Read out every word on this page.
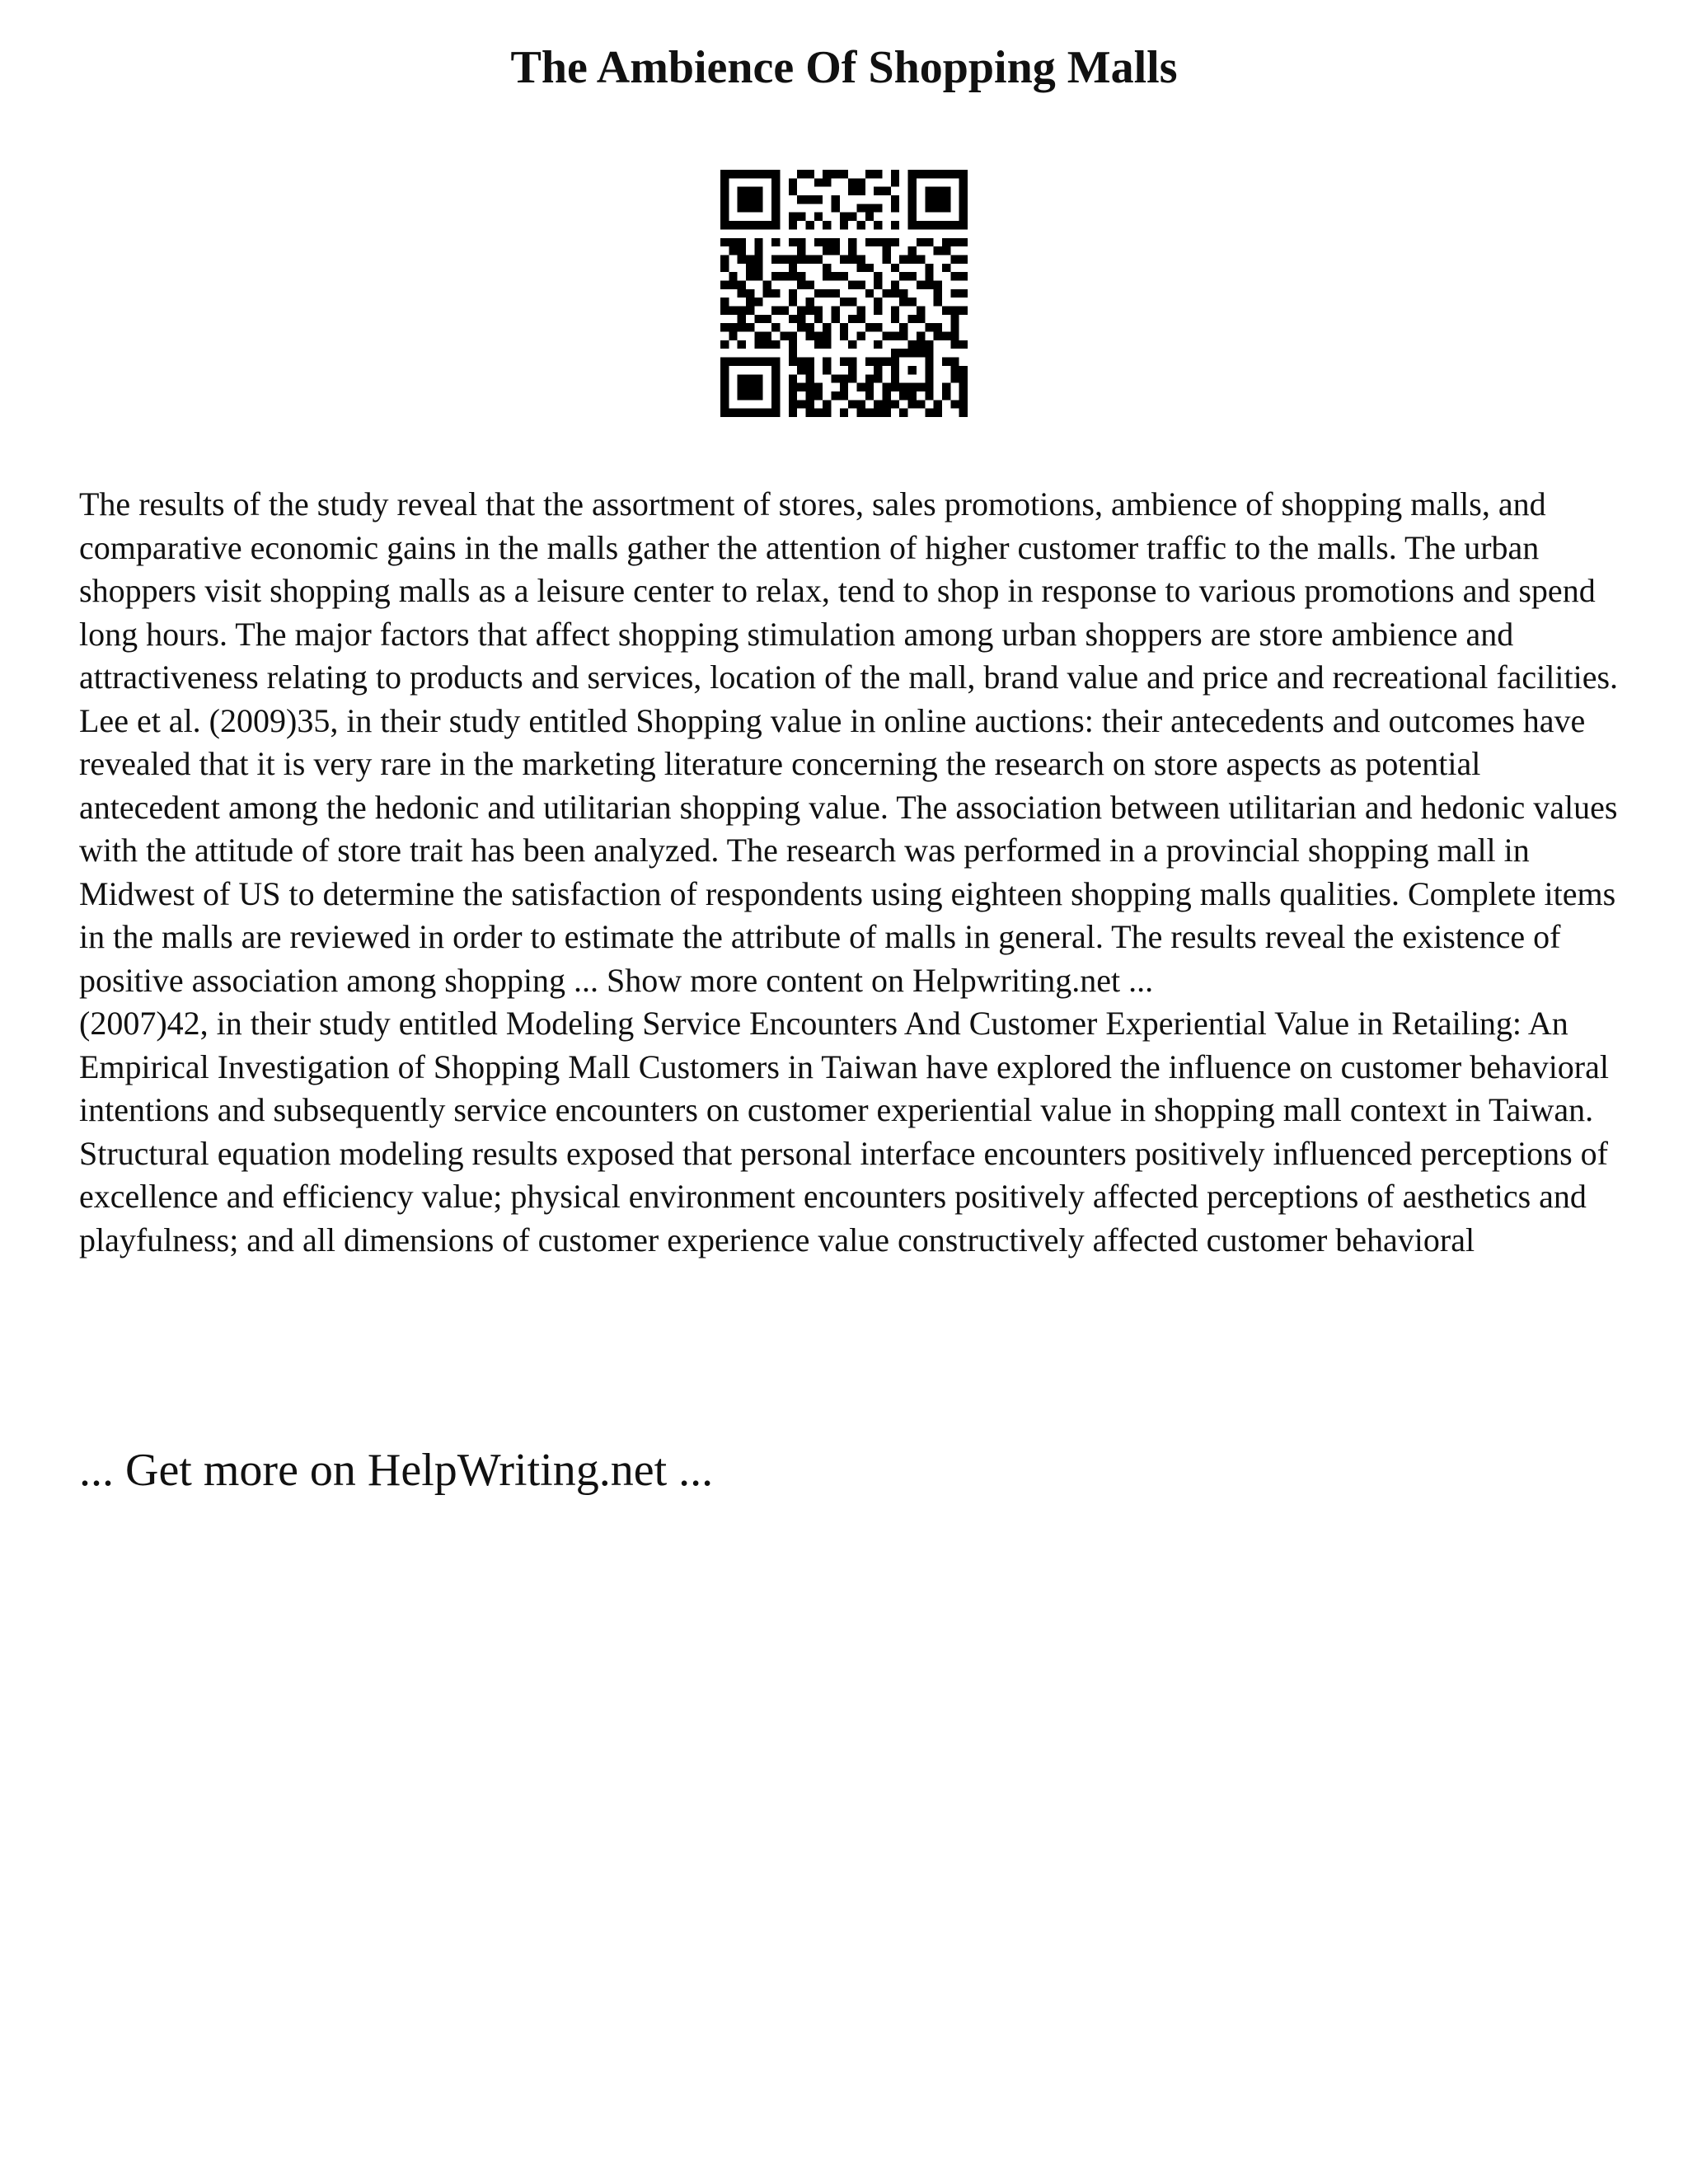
The Ambience Of Shopping Malls

The results of the study reveal that the assortment of stores, sales promotions, ambience of shopping malls, and comparative economic gains in the malls gather the attention of higher customer traffic to the malls. The urban shoppers visit shopping malls as a leisure center to relax, tend to shop in response to various promotions and spend long hours. The major factors that affect shopping stimulation among urban shoppers are store ambience and attractiveness relating to products and services, location of the mall, brand value and price and recreational facilities.

Lee et al. (2009)35, in their study entitled Shopping value in online auctions: their antecedents and outcomes have revealed that it is very rare in the marketing literature concerning the research on store aspects as potential antecedent among the hedonic and utilitarian shopping value. The association between utilitarian and hedonic values with the attitude of store trait has been analyzed. The research was performed in a provincial shopping mall in Midwest of US to determine the satisfaction of respondents using eighteen shopping malls qualities. Complete items in the malls are reviewed in order to estimate the attribute of malls in general. The results reveal the existence of positive association among shopping ... Show more content on Helpwriting.net ...

(2007)42, in their study entitled Modeling Service Encounters And Customer Experiential Value in Retailing: An Empirical Investigation of Shopping Mall Customers in Taiwan have explored the influence on customer behavioral intentions and subsequently service encounters on customer experiential value in shopping mall context in Taiwan. Structural equation modeling results exposed that personal interface encounters positively influenced perceptions of excellence and efficiency value; physical environment encounters positively affected perceptions of aesthetics and playfulness; and all dimensions of customer experience value constructively affected customer behavioral

... Get more on HelpWriting.net ...
